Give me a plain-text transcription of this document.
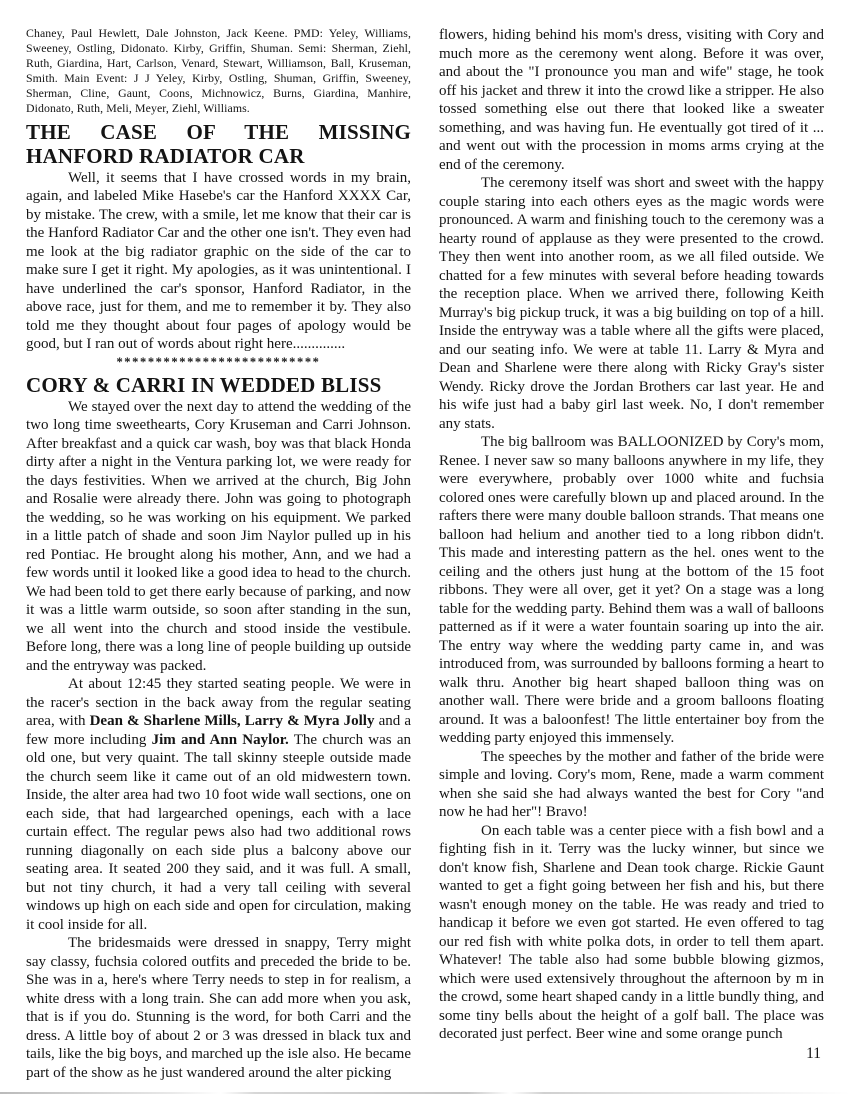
Chaney, Paul Hewlett, Dale Johnston, Jack Keene. PMD: Yeley, Williams, Sweeney, Ostling, Didonato. Kirby, Griffin, Shuman. Semi: Sherman, Ziehl, Ruth, Giardina, Hart, Carlson, Venard, Stewart, Williamson, Ball, Kruseman, Smith. Main Event: J J Yeley, Kirby, Ostling, Shuman, Griffin, Sweeney, Sherman, Cline, Gaunt, Coons, Michnowicz, Burns, Giardina, Manhire, Didonato, Ruth, Meli, Meyer, Ziehl, Williams.

THE CASE OF THE MISSING HANFORD RADIATOR CAR

Well, it seems that I have crossed words in my brain, again, and labeled Mike Hasebe's car the Hanford XXXX Car, by mistake. The crew, with a smile, let me know that their car is the Hanford Radiator Car and the other one isn't. They even had me look at the big radiator graphic on the side of the car to make sure I get it right. My apologies, as it was unintentional. I have underlined the car's sponsor, Hanford Radiator, in the above race, just for them, and me to remember it by. They also told me they thought about four pages of apology would be good, but I ran out of words about right here..............

**************************
CORY & CARRI IN WEDDED BLISS

We stayed over the next day to attend the wedding of the two long time sweethearts, Cory Kruseman and Carri Johnson. After breakfast and a quick car wash, boy was that black Honda dirty after a night in the Ventura parking lot, we were ready for the days festivities. When we arrived at the church, Big John and Rosalie were already there. John was going to photograph the wedding, so he was working on his equipment. We parked in a little patch of shade and soon Jim Naylor pulled up in his red Pontiac. He brought along his mother, Ann, and we had a few words until it looked like a good idea to head to the church. We had been told to get there early because of parking, and now it was a little warm outside, so soon after standing in the sun, we all went into the church and stood inside the vestibule. Before long, there was a long line of people building up outside and the entryway was packed.

At about 12:45 they started seating people. We were in the racer's section in the back away from the regular seating area, with Dean & Sharlene Mills, Larry & Myra Jolly and a few more including Jim and Ann Naylor. The church was an old one, but very quaint. The tall skinny steeple outside made the church seem like it came out of an old midwestern town. Inside, the alter area had two 10 foot wide wall sections, one on each side, that had largearched openings, each with a lace curtain effect. The regular pews also had two additional rows running diagonally on each side plus a balcony above our seating area. It seated 200 they said, and it was full. A small, but not tiny church, it had a very tall ceiling with several windows up high on each side and open for circulation, making it cool inside for all.

The bridesmaids were dressed in snappy, Terry might say classy, fuchsia colored outfits and preceded the bride to be. She was in a, here's where Terry needs to step in for realism, a white dress with a long train. She can add more when you ask, that is if you do. Stunning is the word, for both Carri and the dress. A little boy of about 2 or 3 was dressed in black tux and tails, like the big boys, and marched up the isle also. He became part of the show as he just wandered around the alter picking

flowers, hiding behind his mom's dress, visiting with Cory and much more as the ceremony went along. Before it was over, and about the "I pronounce you man and wife" stage, he took off his jacket and threw it into the crowd like a stripper. He also tossed something else out there that looked like a sweater something, and was having fun. He eventually got tired of it ... and went out with the procession in moms arms crying at the end of the ceremony.

The ceremony itself was short and sweet with the happy couple staring into each others eyes as the magic words were pronounced. A warm and finishing touch to the ceremony was a hearty round of applause as they were presented to the crowd. They then went into another room, as we all filed outside. We chatted for a few minutes with several before heading towards the reception place. When we arrived there, following Keith Murray's big pickup truck, it was a big building on top of a hill. Inside the entryway was a table where all the gifts were placed, and our seating info. We were at table 11. Larry & Myra and Dean and Sharlene were there along with Ricky Gray's sister Wendy. Ricky drove the Jordan Brothers car last year. He and his wife just had a baby girl last week. No, I don't remember any stats.

The big ballroom was BALLOONIZED by Cory's mom, Renee. I never saw so many balloons anywhere in my life, they were everywhere, probably over 1000 white and fuchsia colored ones were carefully blown up and placed around. In the rafters there were many double balloon strands. That means one balloon had helium and another tied to a long ribbon didn't. This made and interesting pattern as the hel. ones went to the ceiling and the others just hung at the bottom of the 15 foot ribbons. They were all over, get it yet? On a stage was a long table for the wedding party. Behind them was a wall of balloons patterned as if it were a water fountain soaring up into the air. The entry way where the wedding party came in, and was introduced from, was surrounded by balloons forming a heart to walk thru. Another big heart shaped balloon thing was on another wall. There were bride and a groom balloons floating around. It was a baloonfest! The little entertainer boy from the wedding party enjoyed this immensely.

The speeches by the mother and father of the bride were simple and loving. Cory's mom, Rene, made a warm comment when she said she had always wanted the best for Cory "and now he had her"! Bravo!

On each table was a center piece with a fish bowl and a fighting fish in it. Terry was the lucky winner, but since we don't know fish, Sharlene and Dean took charge. Rickie Gaunt wanted to get a fight going between her fish and his, but there wasn't enough money on the table. He was ready and tried to handicap it before we even got started. He even offered to tag our red fish with white polka dots, in order to tell them apart. Whatever! The table also had some bubble blowing gizmos, which were used extensively throughout the afternoon by m in the crowd, some heart shaped candy in a little bundly thing, and some tiny bells about the height of a golf ball. The place was decorated just perfect. Beer wine and some orange punch

11
